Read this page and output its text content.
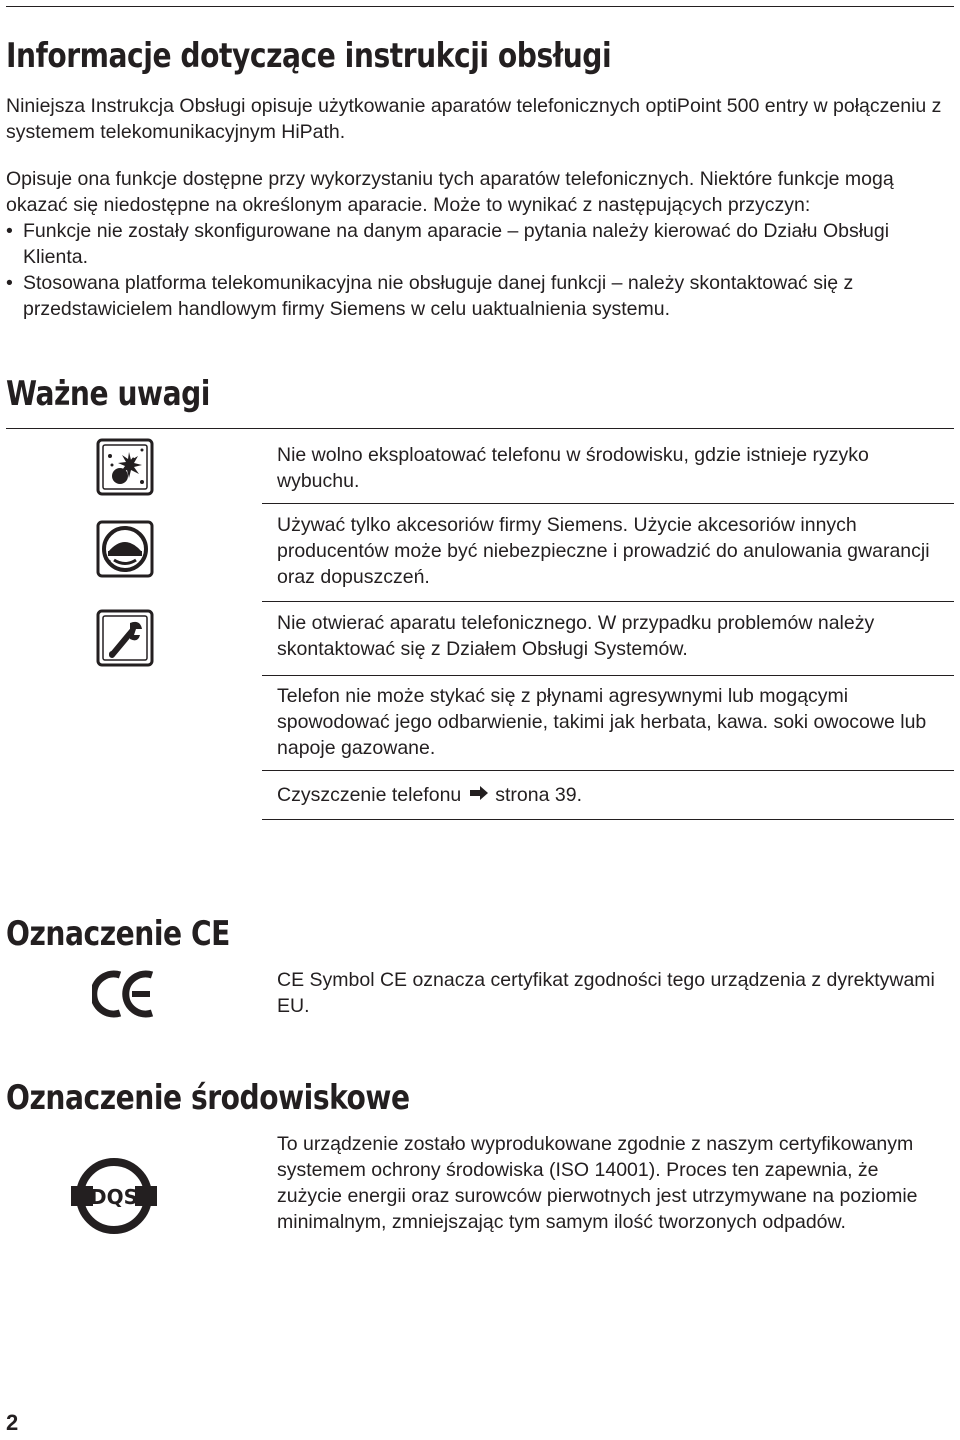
Informacje dotyczące instrukcji obsługi

Niniejsza Instrukcja Obsługi opisuje użytkowanie aparatów telefonicznych optiPoint 500 entry w połączeniu z systemem telekomunikacyjnym HiPath.

Opisuje ona funkcje dostępne przy wykorzystaniu tych aparatów telefonicznych. Niektóre funkcje mogą okazać się niedostępne na określonym aparacie. Może to wynikać z następujących przyczyn:

• Funkcje nie zostały skonfigurowane na danym aparacie – pytania należy kierować do Działu Obsługi Klienta.
• Stosowana platforma telekomunikacyjna nie obsługuje danej funkcji – należy skontaktować się z przedstawicielem handlowym firmy Siemens w celu uaktualnienia systemu.
Ważne uwagi

Nie wolno eksploatować telefonu w środowisku, gdzie istnieje ryzyko wybuchu.

Używać tylko akcesoriów firmy Siemens. Użycie akcesoriów innych producentów może być niebezpieczne i prowadzić do anulowania gwarancji oraz dopuszczeń.

Nie otwierać aparatu telefonicznego. W przypadku problemów należy skontaktować się z Działem Obsługi Systemów.

Telefon nie może stykać się z płynami agresywnymi lub mogącymi spowodować jego odbarwienie, takimi jak herbata, kawa. soki owocowe lub napoje gazowane.

Czyszczenie telefonu strona 39.

Oznaczenie CE

CE Symbol CE oznacza certyfikat zgodności tego urządzenia z dyrektywami EU.

Oznaczenie środowiskowe
DQS

To urządzenie zostało wyprodukowane zgodnie z naszym certyfikowanym systemem ochrony środowiska (ISO 14001). Proces ten zapewnia, że zużycie energii oraz surowców pierwotnych jest utrzymywane na poziomie minimalnym, zmniejszając tym samym ilość tworzonych odpadów.

2
